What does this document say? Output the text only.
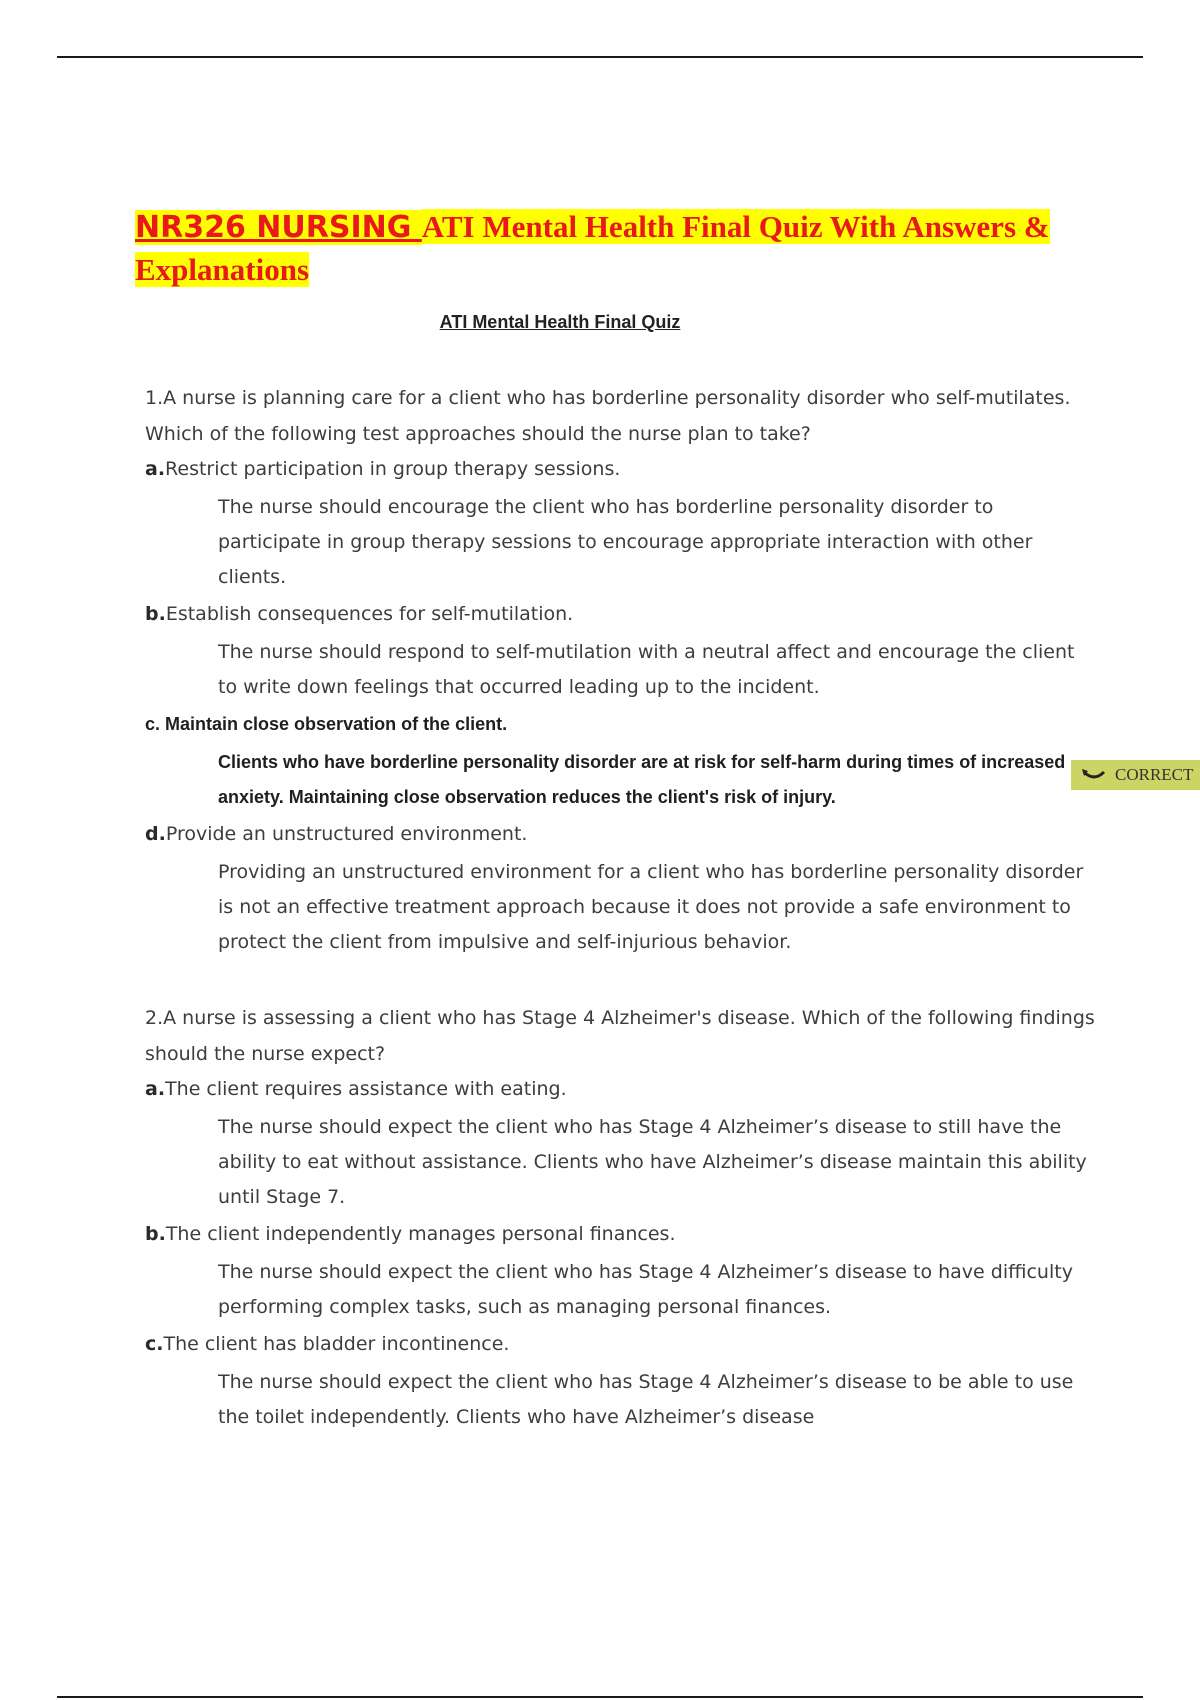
NR326 NURSING ATI Mental Health Final Quiz With Answers & Explanations
ATI Mental Health Final Quiz

1.A nurse is planning care for a client who has borderline personality disorder who self-mutilates. Which of the following test approaches should the nurse plan to take?

a.Restrict participation in group therapy sessions.

The nurse should encourage the client who has borderline personality disorder to participate in group therapy sessions to encourage appropriate interaction with other clients.

b.Establish consequences for self-mutilation.

The nurse should respond to self-mutilation with a neutral affect and encourage the client to write down feelings that occurred leading up to the incident.

c. Maintain close observation of the client.

Clients who have borderline personality disorder are at risk for self-harm during times of increased anxiety. Maintaining close observation reduces the client's risk of injury.

d.Provide an unstructured environment.

Providing an unstructured environment for a client who has borderline personality disorder is not an effective treatment approach because it does not provide a safe environment to protect the client from impulsive and self-injurious behavior.

2.A nurse is assessing a client who has Stage 4 Alzheimer's disease. Which of the following findings should the nurse expect?

a.The client requires assistance with eating.

The nurse should expect the client who has Stage 4 Alzheimer’s disease to still have the ability to eat without assistance. Clients who have Alzheimer’s disease maintain this ability until Stage 7.

b.The client independently manages personal finances.

The nurse should expect the client who has Stage 4 Alzheimer’s disease to have difficulty performing complex tasks, such as managing personal finances.

c.The client has bladder incontinence.

The nurse should expect the client who has Stage 4 Alzheimer’s disease to be able to use the toilet independently. Clients who have Alzheimer’s disease

CORRECT
